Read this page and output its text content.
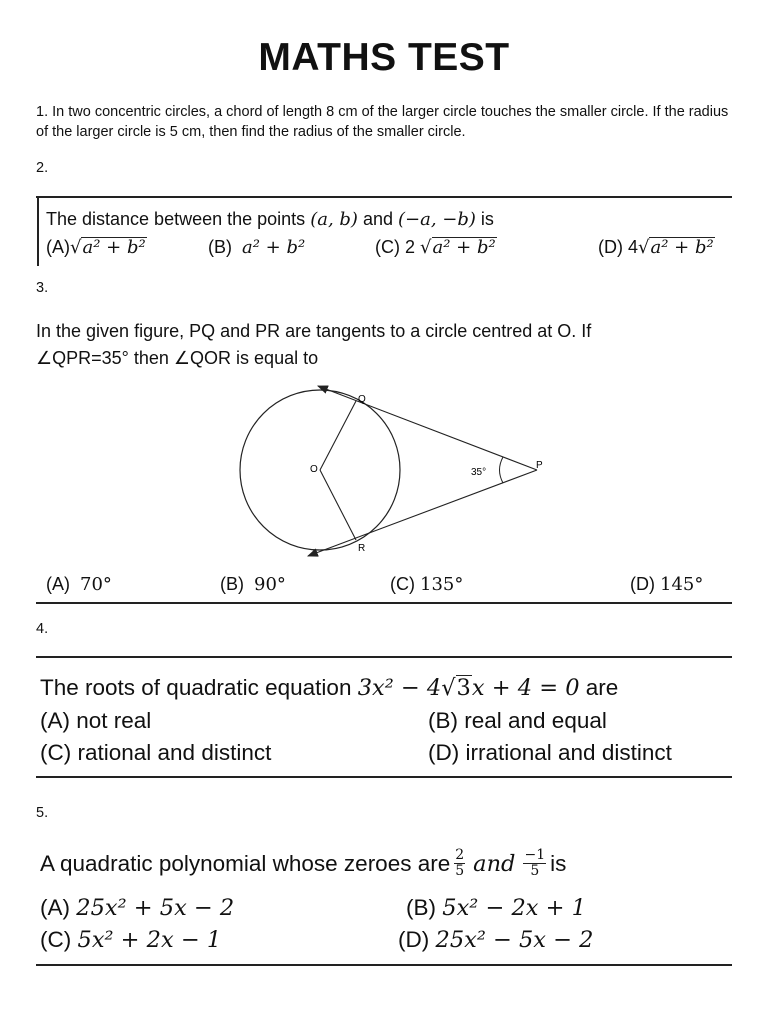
MATHS TEST
1. In two concentric circles, a chord of length 8 cm of the larger circle touches the smaller circle. If the radius of the larger circle is 5 cm, then find the radius of the smaller circle.
2.
The distance between the points (a, b) and (−a, −b) is
(A)√a² + b²	(B) a² + b²	(C) 2 √a² + b²	(D) 4√a² + b²
3.
In the given figure, PQ and PR are tangents to a circle centred at O. If
∠QPR=35° then ∠QOR is equal to
Q
O	P
R
35°
(A) 70°	(B) 90°	(C) 135°	(D) 145°
4.
The roots of quadratic equation 3x² − 4√3x + 4 = 0 are
(A) not real	(B) real and equal
(C) rational and distinct	(D) irrational and distinct
5.
A quadratic polynomial whose zeroes are $\frac{2}{5}$ and $\frac{-1}{5}$ is
(A) 25x² + 5x − 2	(B) 5x² − 2x + 1
(C) 5x² + 2x − 1	(D) 25x² − 5x − 2
